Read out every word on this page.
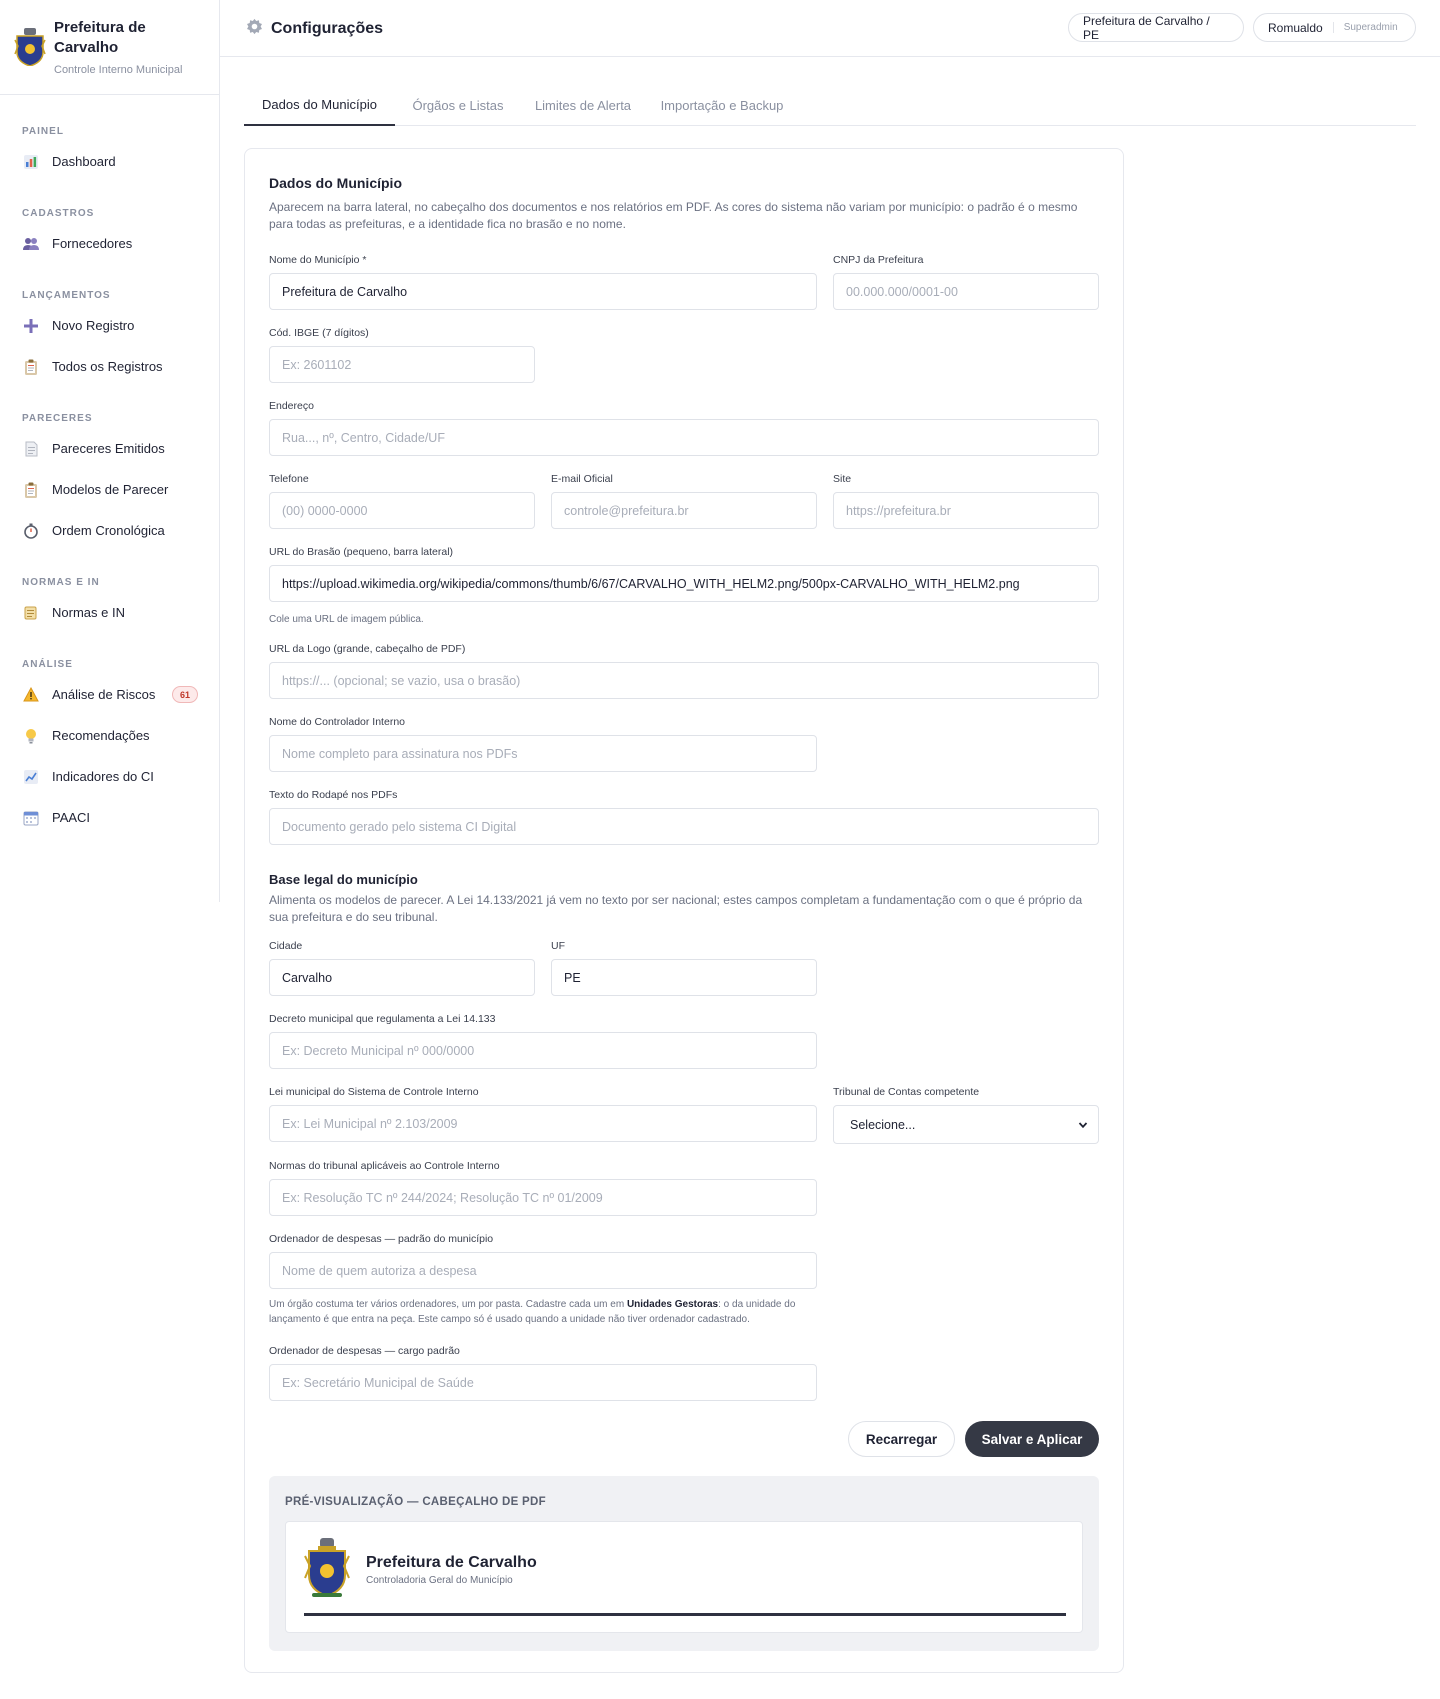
Prefeitura de Carvalho
Controle Interno Municipal
PAINEL
Dashboard
CADASTROS
Fornecedores
LANÇAMENTOS
Novo Registro
Todos os Registros
PARECERES
Pareceres Emitidos
Modelos de Parecer
Ordem Cronológica
NORMAS E IN
Normas e IN
ANÁLISE
Análise de Riscos	61
Recomendações
Indicadores do CI
PAACI
Configurações	Prefeitura de Carvalho / PE	Romualdo	Superadmin
Dados do Município	Órgãos e Listas	Limites de Alerta	Importação e Backup
Dados do Município
Aparecem na barra lateral, no cabeçalho dos documentos e nos relatórios em PDF. As cores do sistema não variam por município: o padrão é o mesmo para todas as prefeituras, e a identidade fica no brasão e no nome.
Nome do Município *
Prefeitura de Carvalho
CNPJ da Prefeitura
00.000.000/0001-00
Cód. IBGE (7 dígitos)
Ex: 2601102
Endereço
Rua..., nº, Centro, Cidade/UF
Telefone
(00) 0000-0000
E-mail Oficial
controle@prefeitura.br
Site
https://prefeitura.br
URL do Brasão (pequeno, barra lateral)
https://upload.wikimedia.org/wikipedia/commons/thumb/6/67/CARVALHO_WITH_HELM2.png/500px-CARVALHO_WITH_HELM2.png
Cole uma URL de imagem pública.
URL da Logo (grande, cabeçalho de PDF)
https://... (opcional; se vazio, usa o brasão)
Nome do Controlador Interno
Nome completo para assinatura nos PDFs
Texto do Rodapé nos PDFs
Documento gerado pelo sistema CI Digital
Base legal do município
Alimenta os modelos de parecer. A Lei 14.133/2021 já vem no texto por ser nacional; estes campos completam a fundamentação com o que é próprio da sua prefeitura e do seu tribunal.
Cidade
Carvalho
UF
PE
Decreto municipal que regulamenta a Lei 14.133
Ex: Decreto Municipal nº 000/0000
Lei municipal do Sistema de Controle Interno
Ex: Lei Municipal nº 2.103/2009
Tribunal de Contas competente
Selecione...
Normas do tribunal aplicáveis ao Controle Interno
Ex: Resolução TC nº 244/2024; Resolução TC nº 01/2009
Ordenador de despesas — padrão do município
Nome de quem autoriza a despesa
Um órgão costuma ter vários ordenadores, um por pasta. Cadastre cada um em Unidades Gestoras: o da unidade do lançamento é que entra na peça. Este campo só é usado quando a unidade não tiver ordenador cadastrado.
Ordenador de despesas — cargo padrão
Ex: Secretário Municipal de Saúde
Recarregar	Salvar e Aplicar
PRÉ-VISUALIZAÇÃO — CABEÇALHO DE PDF
Prefeitura de Carvalho
Controladoria Geral do Município
